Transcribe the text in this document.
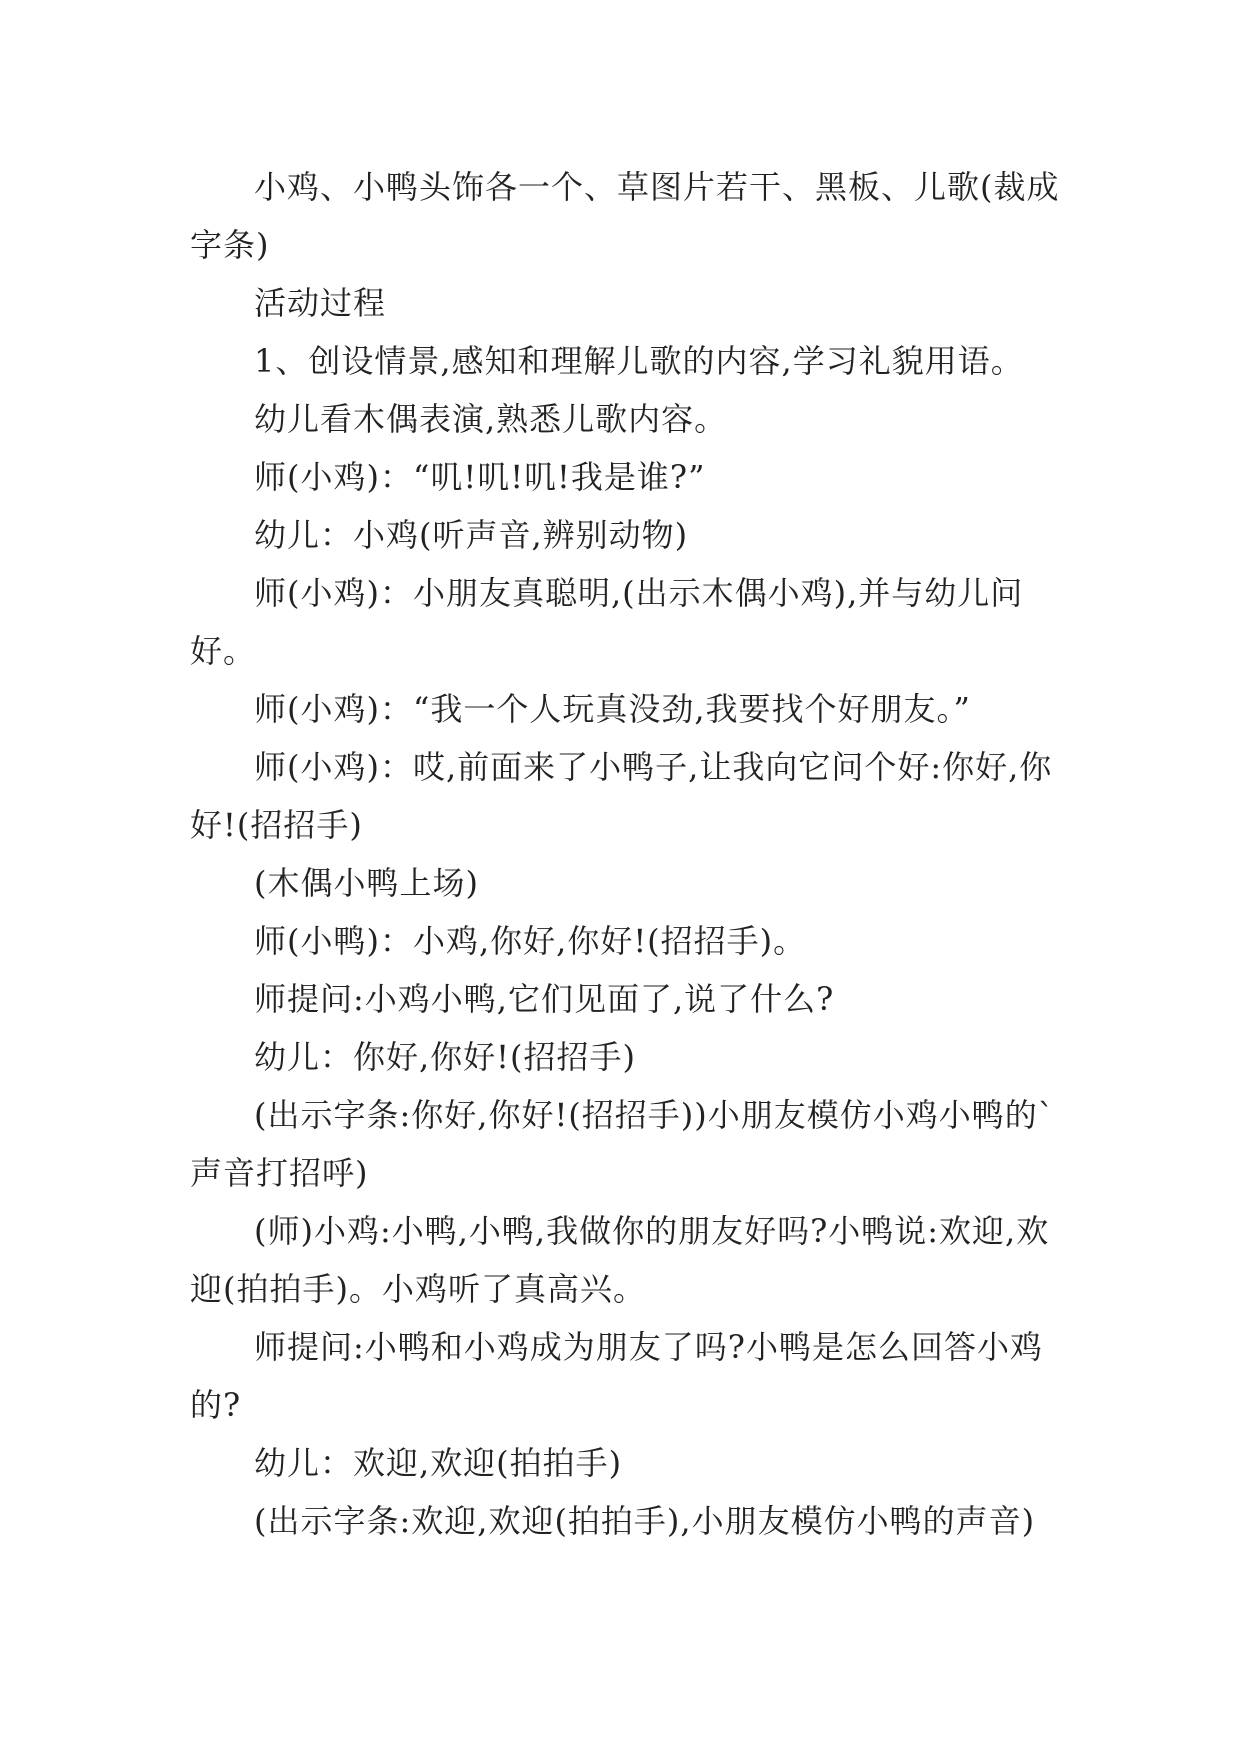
小鸡、小鸭头饰各一个、草图片若干、黑板、儿歌(裁成字条)

活动过程

1、创设情景,感知和理解儿歌的内容,学习礼貌用语。

幼儿看木偶表演,熟悉儿歌内容。

师(小鸡)：“叽!叽!叽!我是谁?”

幼儿：小鸡(听声音,辨别动物)

师(小鸡)：小朋友真聪明,(出示木偶小鸡),并与幼儿问好。

师(小鸡)：“我一个人玩真没劲,我要找个好朋友。”

师(小鸡)：哎,前面来了小鸭子,让我向它问个好:你好,你好!(招招手)

(木偶小鸭上场)

师(小鸭)：小鸡,你好,你好!(招招手)。

师提问:小鸡小鸭,它们见面了,说了什么?

幼儿：你好,你好!(招招手)

(出示字条:你好,你好!(招招手))小朋友模仿小鸡小鸭的`声音打招呼)

(师)小鸡:小鸭,小鸭,我做你的朋友好吗?小鸭说:欢迎,欢迎(拍拍手)。小鸡听了真高兴。

师提问:小鸭和小鸡成为朋友了吗?小鸭是怎么回答小鸡的?

幼儿：欢迎,欢迎(拍拍手)

(出示字条:欢迎,欢迎(拍拍手),小朋友模仿小鸭的声音)
